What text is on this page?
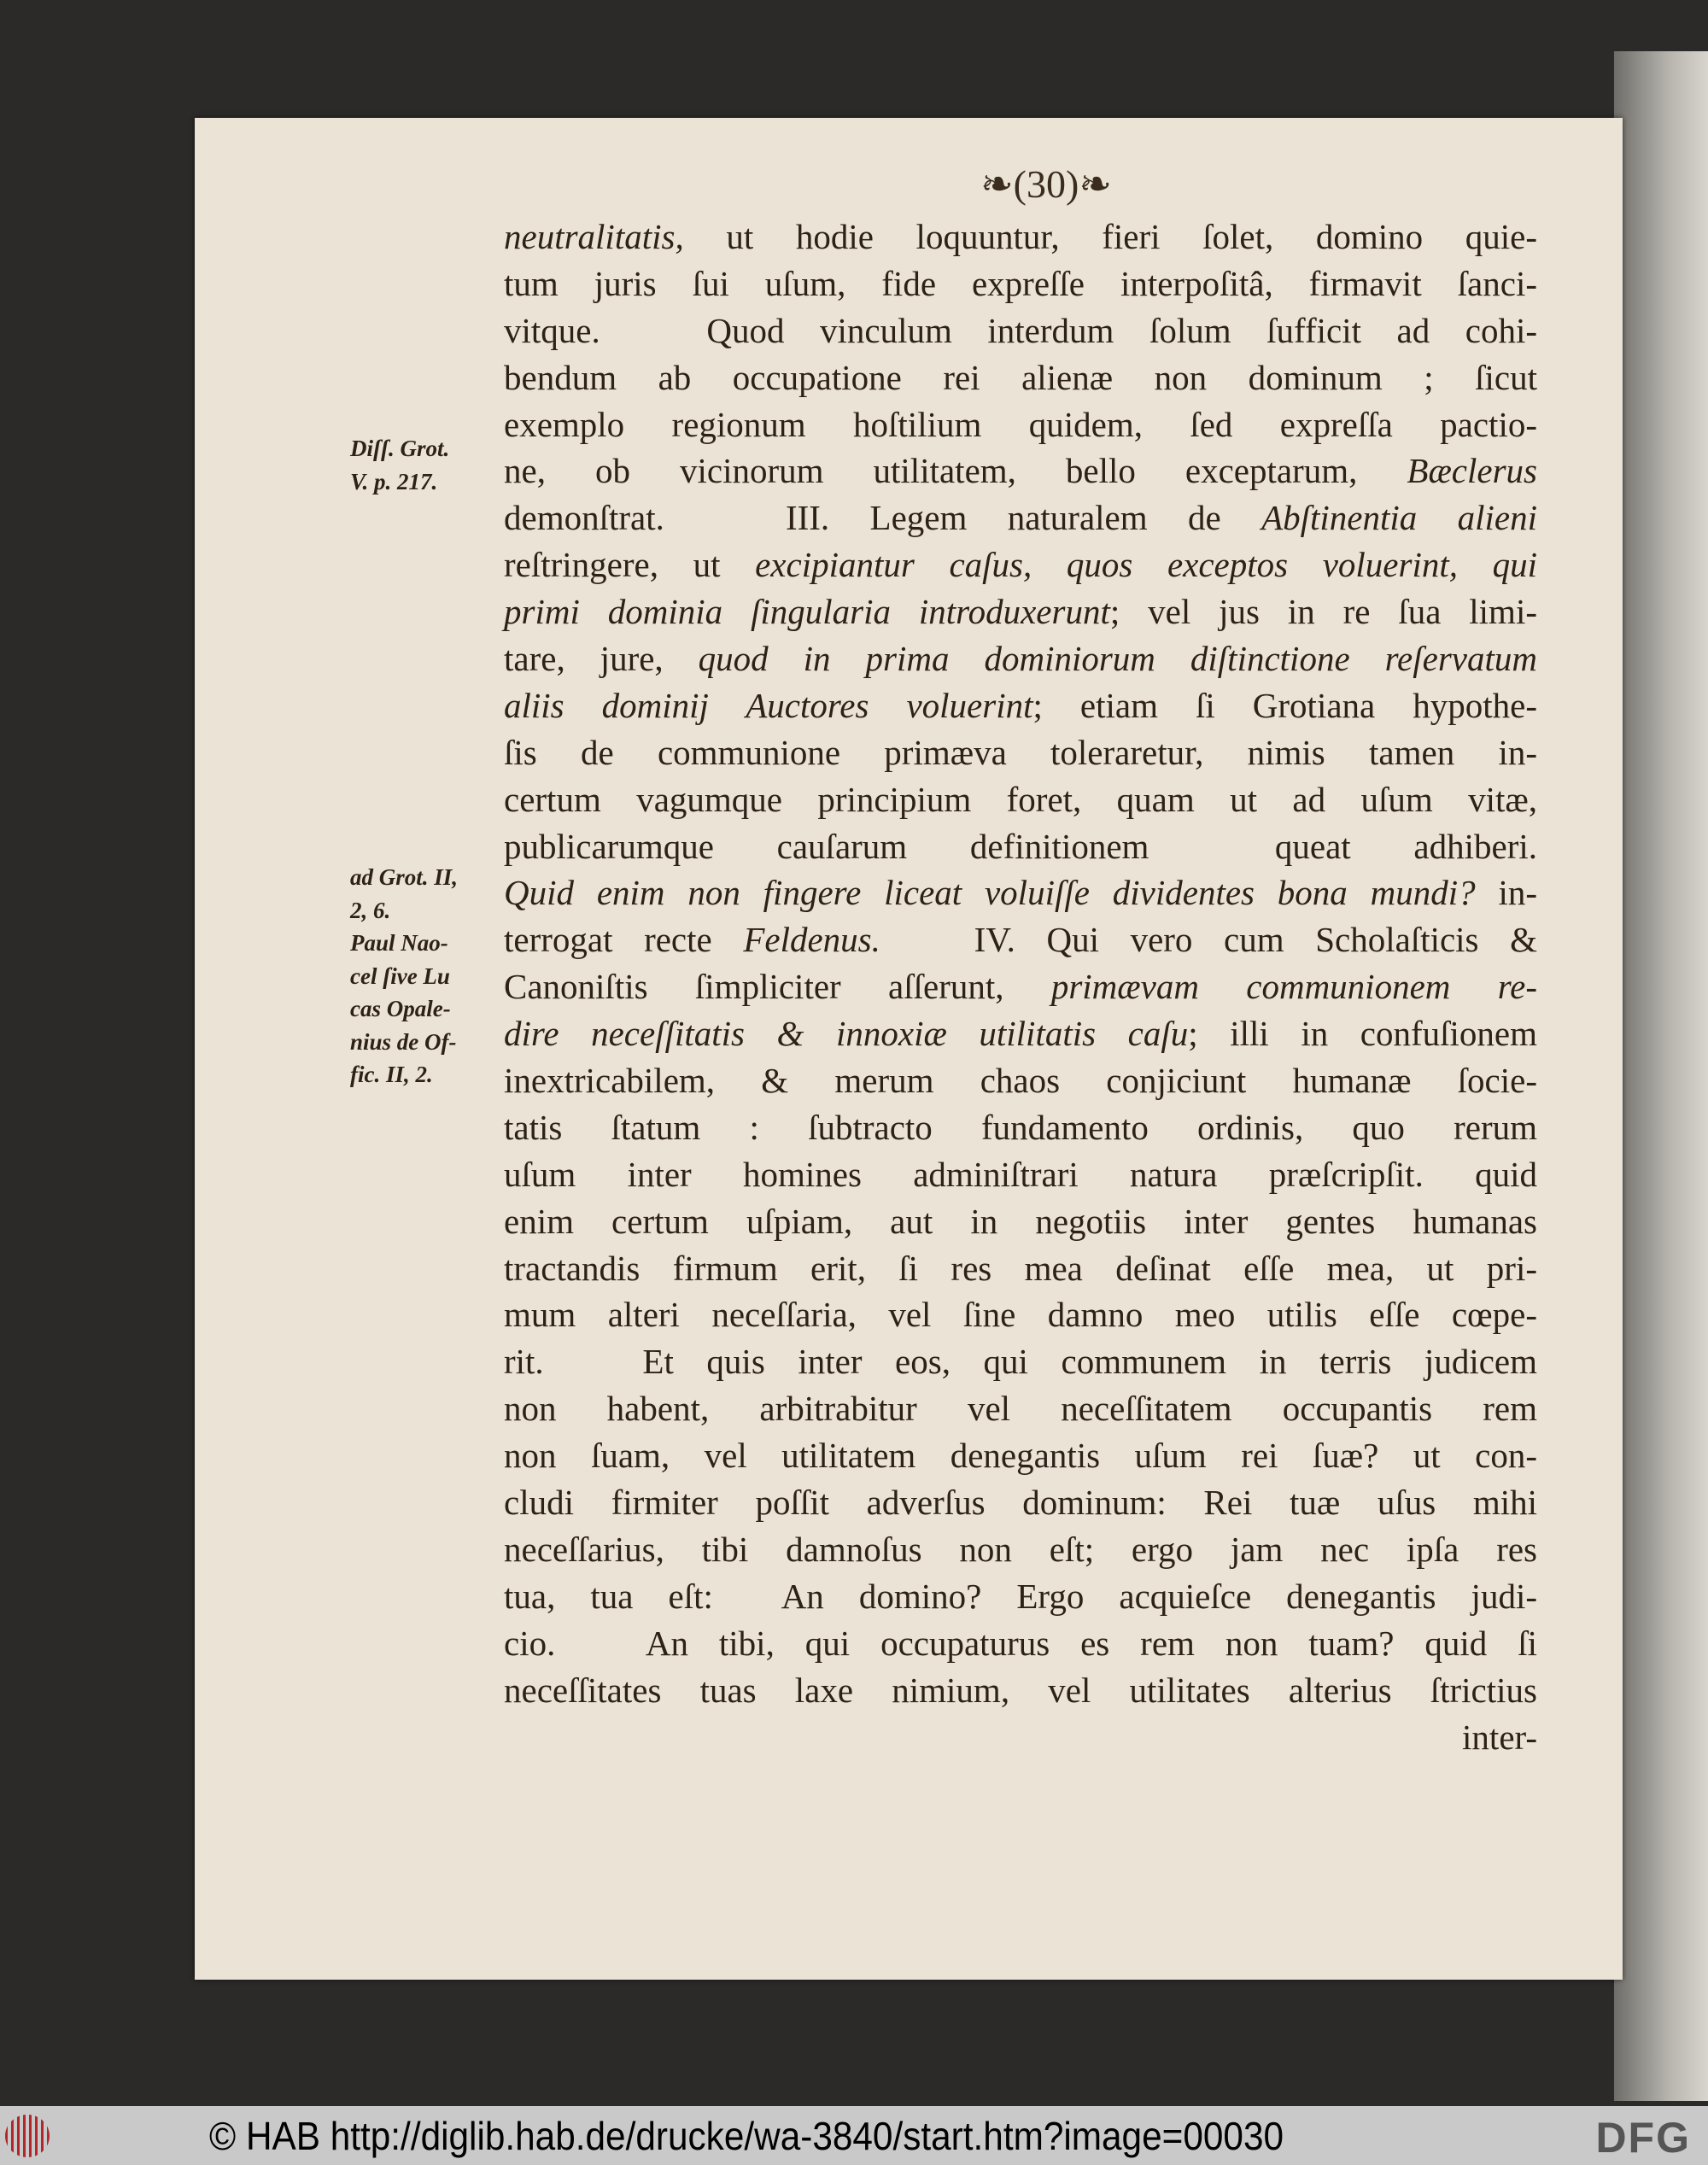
❧(30)❧
neutralitatis, ut hodie loquuntur, fieri ſolet, domino quie-
tum juris ſui uſum, fide expreſſe interpoſitâ, firmavit ſanci-
vitque.   Quod vinculum interdum ſolum ſufficit ad cohi-
bendum ab occupatione rei alienæ non dominum ; ſicut
exemplo regionum hoſtilium quidem, ſed expreſſa pactio-
ne, ob vicinorum utilitatem, bello exceptarum, Bæclerus
demonſtrat.   III. Legem naturalem de Abſtinentia alieni
reſtringere, ut excipiantur caſus, quos exceptos voluerint, qui
primi dominia ſingularia introduxerunt; vel jus in re ſua limi-
tare, jure, quod in prima dominiorum diſtinctione reſervatum
aliis dominij Auctores voluerint; etiam ſi Grotiana hypothe-
ſis de communione primæva toleraretur, nimis tamen in-
certum vagumque principium foret, quam ut ad uſum vitæ,
publicarumque cauſarum definitionem  queat adhiberi.
Quid enim non fingere liceat voluiſſe dividentes bona mundi? in-
terrogat recte Feldenus.   IV. Qui vero cum Scholaſticis &
Canoniſtis ſimpliciter aſſerunt, primævam communionem re-
dire neceſſitatis & innoxiæ utilitatis caſu; illi in confuſionem
inextricabilem, & merum chaos conjiciunt humanæ ſocie-
tatis ſtatum : ſubtracto fundamento ordinis, quo rerum
uſum inter homines adminiſtrari natura præſcripſit. quid
enim certum uſpiam, aut in negotiis inter gentes humanas
tractandis firmum erit, ſi res mea deſinat eſſe mea, ut pri-
mum alteri neceſſaria, vel ſine damno meo utilis eſſe cœpe-
rit.   Et quis inter eos, qui communem in terris judicem
non habent, arbitrabitur vel neceſſitatem occupantis rem
non ſuam, vel utilitatem denegantis uſum rei ſuæ? ut con-
cludi firmiter poſſit adverſus dominum: Rei tuæ uſus mihi
neceſſarius, tibi damnoſus non eſt; ergo jam nec ipſa res
tua, tua eſt:  An domino? Ergo acquieſce denegantis judi-
cio.   An tibi, qui occupaturus es rem non tuam? quid ſi
neceſſitates tuas laxe nimium, vel utilitates alterius ſtrictius
inter-
Diſſ. Grot.
V. p. 217.
ad Grot. II,
2, 6.
Paul Nao-
cel ſive Lu
cas Opale-
nius de Of-
fic. II, 2.
© HAB http://diglib.hab.de/drucke/wa-3840/start.htm?image=00030	DFG
